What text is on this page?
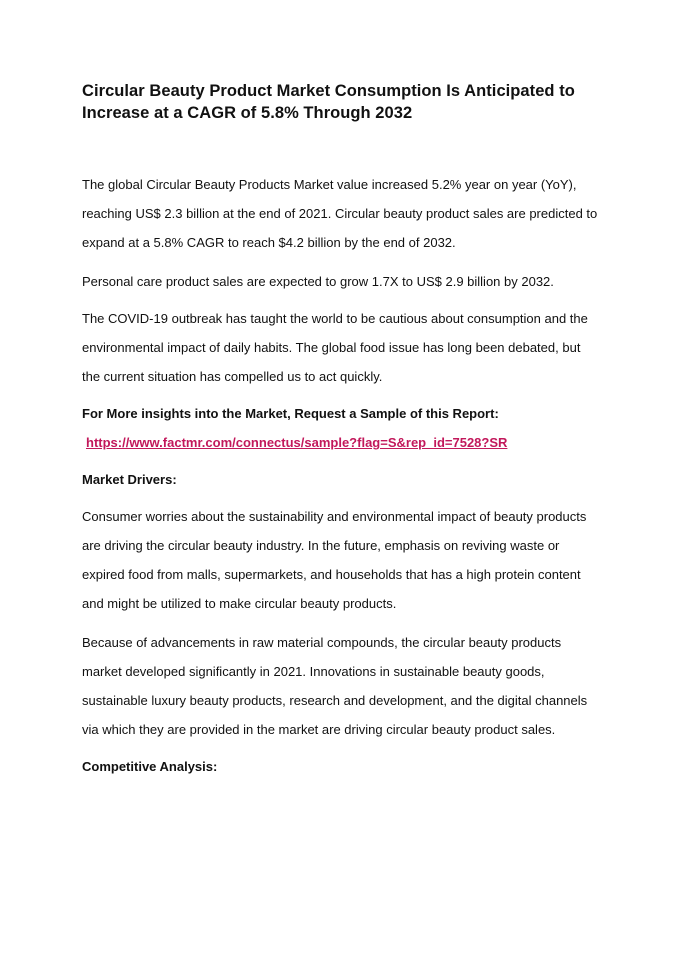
Circular Beauty Product Market Consumption Is Anticipated to Increase at a CAGR of 5.8% Through 2032

The global Circular Beauty Products Market value increased 5.2% year on year (YoY), reaching US$ 2.3 billion at the end of 2021. Circular beauty product sales are predicted to expand at a 5.8% CAGR to reach $4.2 billion by the end of 2032.

Personal care product sales are expected to grow 1.7X to US$ 2.9 billion by 2032.

The COVID-19 outbreak has taught the world to be cautious about consumption and the environmental impact of daily habits. The global food issue has long been debated, but the current situation has compelled us to act quickly.

For More insights into the Market, Request a Sample of this Report:

https://www.factmr.com/connectus/sample?flag=S&rep_id=7528?SR

Market Drivers:

Consumer worries about the sustainability and environmental impact of beauty products are driving the circular beauty industry. In the future, emphasis on reviving waste or expired food from malls, supermarkets, and households that has a high protein content and might be utilized to make circular beauty products.

Because of advancements in raw material compounds, the circular beauty products market developed significantly in 2021. Innovations in sustainable beauty goods, sustainable luxury beauty products, research and development, and the digital channels via which they are provided in the market are driving circular beauty product sales.

Competitive Analysis:
